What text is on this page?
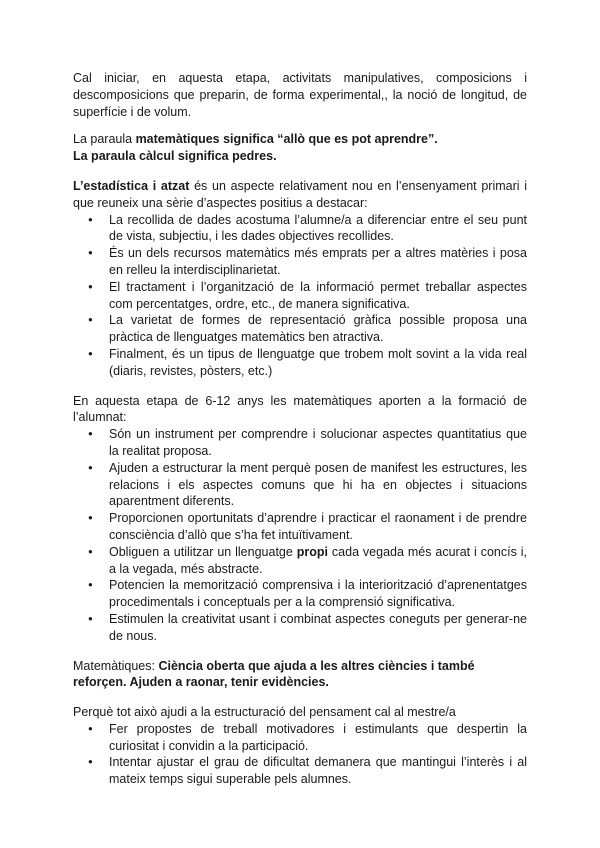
Cal iniciar, en aquesta etapa, activitats manipulatives, composicions i descomposicions que preparin, de forma experimental,, la noció de longitud, de superfície i de volum.

La paraula matemàtiques significa “allò que es pot aprendre”.

La paraula càlcul significa pedres.

L’estadística i atzat és un aspecte relativament nou en l’ensenyament primari i que reuneix una sèrie d’aspectes positius a destacar:

● La recollida de dades acostuma l’alumne/a a diferenciar entre el seu punt de vista, subjectiu, i les dades objectives recollides.
● És un dels recursos matemàtics més emprats per a altres matèries i posa en relleu la interdisciplinarietat.
● El tractament i l’organització de la informació permet treballar aspectes com percentatges, ordre, etc., de manera significativa.
● La varietat de formes de representació gràfica possible proposa una pràctica de llenguatges matemàtics ben atractiva.
● Finalment, és un tipus de llenguatge que trobem molt sovint a la vida real (diaris, revistes, pòsters, etc.)

En aquesta etapa de 6-12 anys les matemàtiques aporten a la formació de l’alumnat:

● Són un instrument per comprendre i solucionar aspectes quantitatius que la realitat proposa.
● Ajuden a estructurar la ment perquè posen de manifest les estructures, les relacions i els aspectes comuns que hi ha en objectes i situacions aparentment diferents.
● Proporcionen oportunitats d’aprendre i practicar el raonament i de prendre consciència d’allò que s’ha fet intuïtivament.
● Obliguen a utilitzar un llenguatge propi cada vegada més acurat i concís i, a la vegada, més abstracte.
● Potencien la memorització comprensiva i la interiorització d’aprenentatges procedimentals i conceptuals per a la comprensió significativa.
● Estimulen la creativitat usant i combinat aspectes coneguts per generar-ne de nous.

Matemàtiques: Ciència oberta que ajuda a les altres ciències i també reforçen. Ajuden a raonar, tenir evidències.

Perquè tot això ajudi a la estructuració del pensament cal al mestre/a

● Fer propostes de treball motivadores i estimulants que despertin la curiositat i convidin a la participació.
● Intentar ajustar el grau de dificultat demanera que mantingui l’interès i al mateix temps sigui superable pels alumnes.
